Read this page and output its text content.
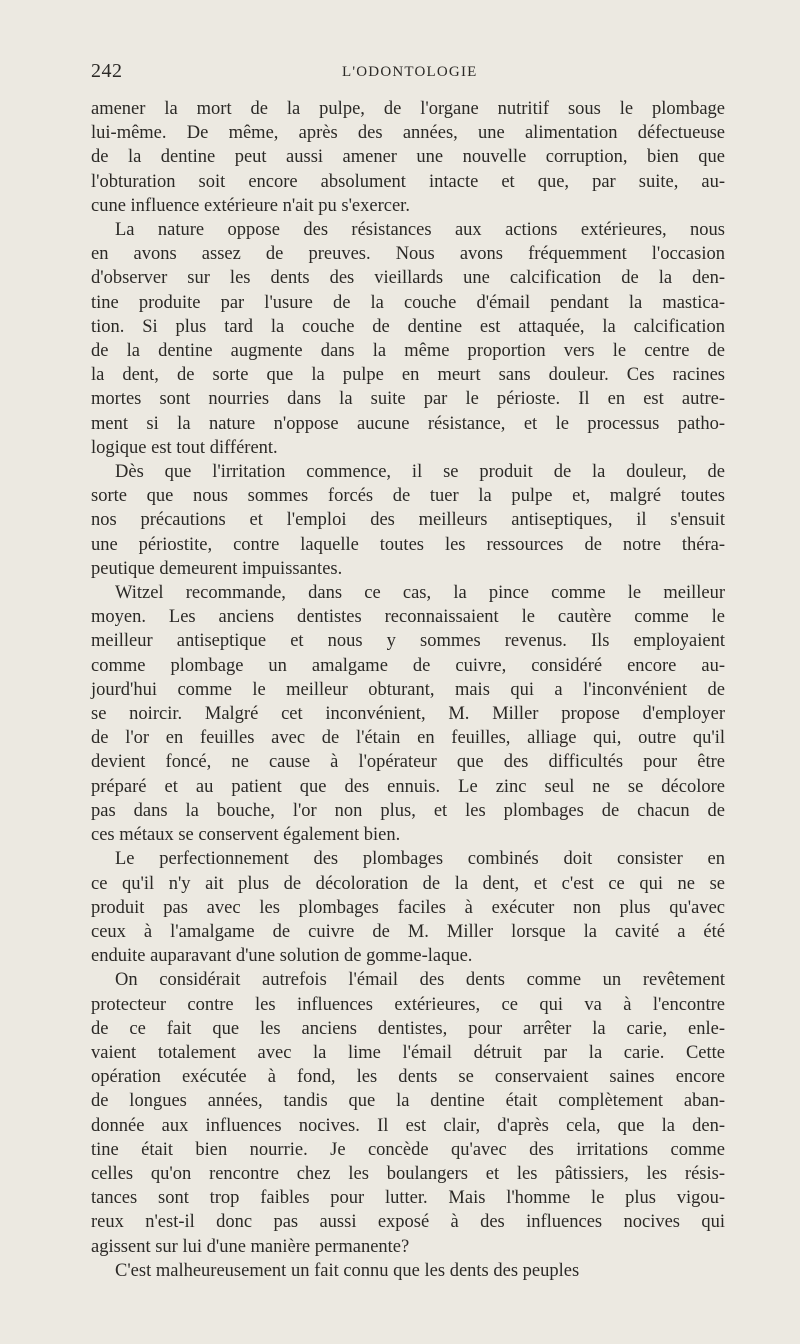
242	L'ODONTOLOGIE

amener la mort de la pulpe, de l'organe nutritif sous le plombage
lui-même. De même, après des années, une alimentation défectueuse
de la dentine peut aussi amener une nouvelle corruption, bien que
l'obturation soit encore absolument intacte et que, par suite, au-
cune influence extérieure n'ait pu s'exercer.

La nature oppose des résistances aux actions extérieures, nous
en avons assez de preuves. Nous avons fréquemment l'occasion
d'observer sur les dents des vieillards une calcification de la den-
tine produite par l'usure de la couche d'émail pendant la mastica-
tion. Si plus tard la couche de dentine est attaquée, la calcification
de la dentine augmente dans la même proportion vers le centre de
la dent, de sorte que la pulpe en meurt sans douleur. Ces racines
mortes sont nourries dans la suite par le périoste. Il en est autre-
ment si la nature n'oppose aucune résistance, et le processus patho-
logique est tout différent.

Dès que l'irritation commence, il se produit de la douleur, de
sorte que nous sommes forcés de tuer la pulpe et, malgré toutes
nos précautions et l'emploi des meilleurs antiseptiques, il s'ensuit
une périostite, contre laquelle toutes les ressources de notre théra-
peutique demeurent impuissantes.

Witzel recommande, dans ce cas, la pince comme le meilleur
moyen. Les anciens dentistes reconnaissaient le cautère comme le
meilleur antiseptique et nous y sommes revenus. Ils employaient
comme plombage un amalgame de cuivre, considéré encore au-
jourd'hui comme le meilleur obturant, mais qui a l'inconvénient de
se noircir. Malgré cet inconvénient, M. Miller propose d'employer
de l'or en feuilles avec de l'étain en feuilles, alliage qui, outre qu'il
devient foncé, ne cause à l'opérateur que des difficultés pour être
préparé et au patient que des ennuis. Le zinc seul ne se décolore
pas dans la bouche, l'or non plus, et les plombages de chacun de
ces métaux se conservent également bien.

Le perfectionnement des plombages combinés doit consister en
ce qu'il n'y ait plus de décoloration de la dent, et c'est ce qui ne se
produit pas avec les plombages faciles à exécuter non plus qu'avec
ceux à l'amalgame de cuivre de M. Miller lorsque la cavité a été
enduite auparavant d'une solution de gomme-laque.

On considérait autrefois l'émail des dents comme un revêtement
protecteur contre les influences extérieures, ce qui va à l'encontre
de ce fait que les anciens dentistes, pour arrêter la carie, enle-
vaient totalement avec la lime l'émail détruit par la carie. Cette
opération exécutée à fond, les dents se conservaient saines encore
de longues années, tandis que la dentine était complètement aban-
donnée aux influences nocives. Il est clair, d'après cela, que la den-
tine était bien nourrie. Je concède qu'avec des irritations comme
celles qu'on rencontre chez les boulangers et les pâtissiers, les résis-
tances sont trop faibles pour lutter. Mais l'homme le plus vigou-
reux n'est-il donc pas aussi exposé à des influences nocives qui
agissent sur lui d'une manière permanente?

C'est malheureusement un fait connu que les dents des peuples
